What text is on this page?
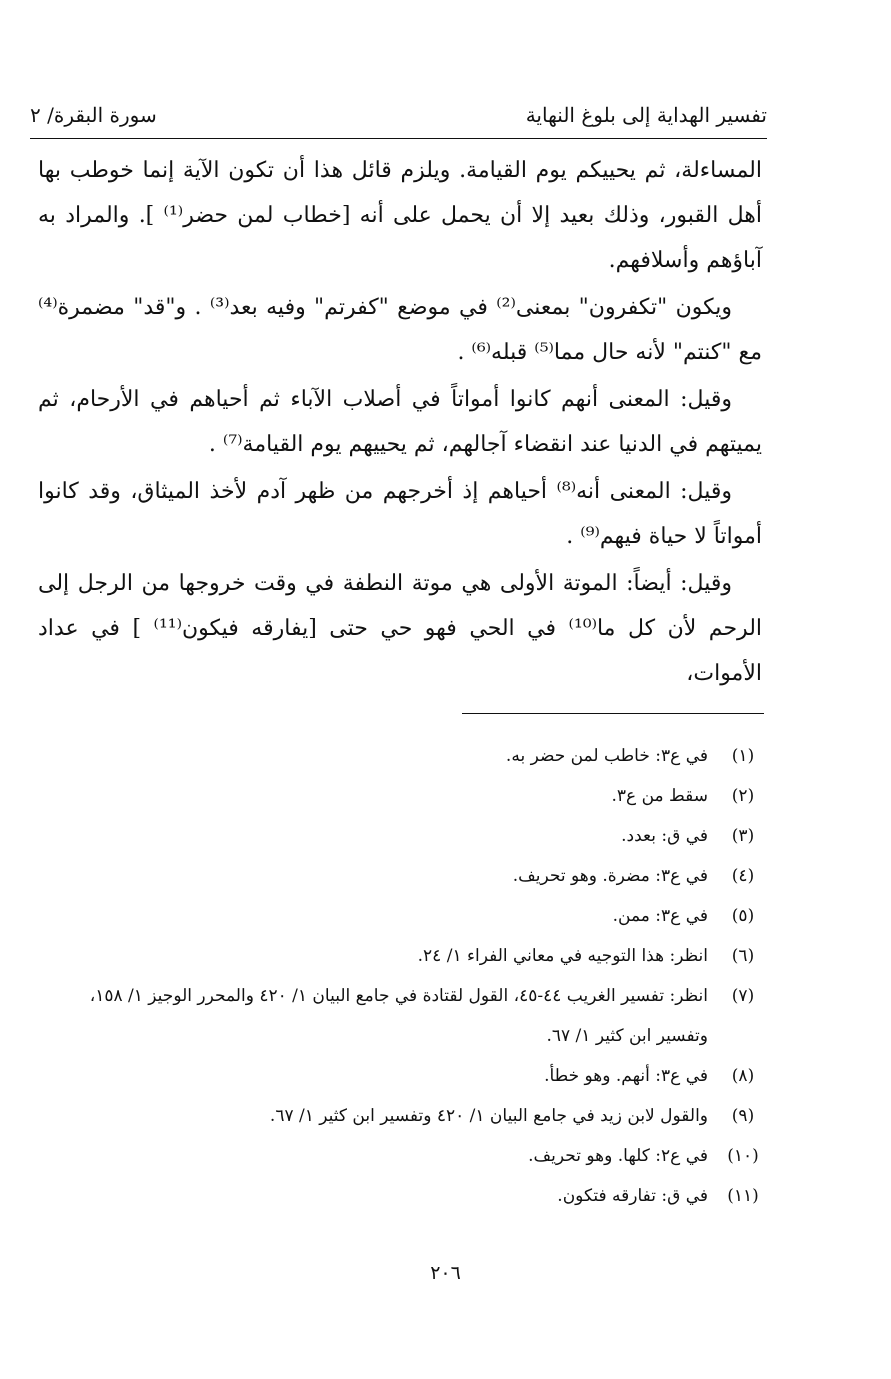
تفسير الهداية إلى بلوغ النهاية
سورة البقرة/ ٢

المساءلة، ثم يحييكم يوم القيامة. ويلزم قائل هذا أن تكون الآية إنما خوطب بها أهل القبور، وذلك بعيد إلا أن يحمل على أنه [خطاب لمن حضر⁽¹⁾ ]. والمراد به آباؤهم وأسلافهم.

ويكون "تكفرون" بمعنى⁽²⁾ في موضع "كفرتم" وفيه بعد⁽³⁾ . و"قد" مضمرة⁽⁴⁾ مع "كنتم" لأنه حال مما⁽⁵⁾ قبله⁽⁶⁾ .

وقيل: المعنى أنهم كانوا أمواتاً في أصلاب الآباء ثم أحياهم في الأرحام، ثم يميتهم في الدنيا عند انقضاء آجالهم، ثم يحييهم يوم القيامة⁽⁷⁾ .

وقيل: المعنى أنه⁽⁸⁾ أحياهم إذ أخرجهم من ظهر آدم لأخذ الميثاق، وقد كانوا أمواتاً لا حياة فيهم⁽⁹⁾ .

وقيل: أيضاً: الموتة الأولى هي موتة النطفة في وقت خروجها من الرجل إلى الرحم لأن كل ما⁽¹⁰⁾ في الحي فهو حي حتى [يفارقه فيكون⁽¹¹⁾ ] في عداد الأموات،

(١)
في ع٣: خاطب لمن حضر به.
(٢)
سقط من ع٣.
(٣)
في ق: بعدد.
(٤)
في ع٣: مضرة. وهو تحريف.
(٥)
في ع٣: ممن.
(٦)
انظر: هذا التوجيه في معاني الفراء ١/ ٢٤.
(٧)
انظر: تفسير الغريب ٤٤-٤٥، القول لقتادة في جامع البيان ١/ ٤٢٠ والمحرر الوجيز ١/ ١٥٨، وتفسير ابن كثير ١/ ٦٧.
(٨)
في ع٣: أنهم. وهو خطأ.
(٩)
والقول لابن زيد في جامع البيان ١/ ٤٢٠ وتفسير ابن كثير ١/ ٦٧.
(١٠)
في ع٢: كلها. وهو تحريف.
(١١)
في ق: تفارقه فتكون.
٢٠٦
